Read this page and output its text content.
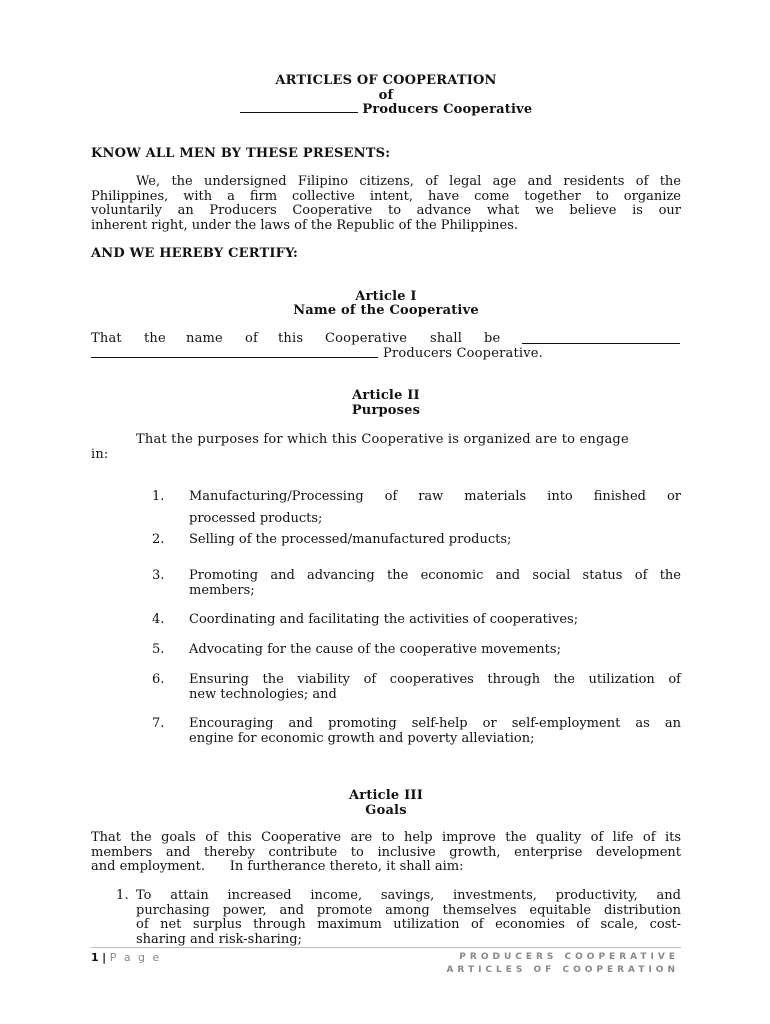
ARTICLES OF COOPERATION
of
Producers Cooperative
KNOW ALL MEN BY THESE PRESENTS:
We, the undersigned Filipino citizens, of legal age and residents of the
Philippines, with a firm collective intent, have come together to organize
voluntarily an Producers Cooperative to advance what we believe is our
inherent right, under the laws of the Republic of the Philippines.
AND WE HEREBY CERTIFY:
Article I
Name of the Cooperative
That the name of this Cooperative shall be
Producers Cooperative.
Article II
Purposes
That the purposes for which this Cooperative is organized are to engage
in:
1. Manufacturing/Processing of raw materials into finished or
processed products;
2. Selling of the processed/manufactured products;
3. Promoting and advancing the economic and social status of the
members;
4. Coordinating and facilitating the activities of cooperatives;
5. Advocating for the cause of the cooperative movements;
6. Ensuring the viability of cooperatives through the utilization of
new technologies; and
7. Encouraging and promoting self-help or self-employment as an
engine for economic growth and poverty alleviation;
Article III
Goals
That the goals of this Cooperative are to help improve the quality of life of its
members and thereby contribute to inclusive growth, enterprise development
and employment.      In furtherance thereto, it shall aim:
1. To attain increased income, savings, investments, productivity, and
purchasing power, and promote among themselves equitable distribution
of net surplus through maximum utilization of economies of scale, cost-
sharing and risk-sharing;
1 | P a g e	PRODUCERS COOPERATIVE
ARTICLES OF COOPERATION
